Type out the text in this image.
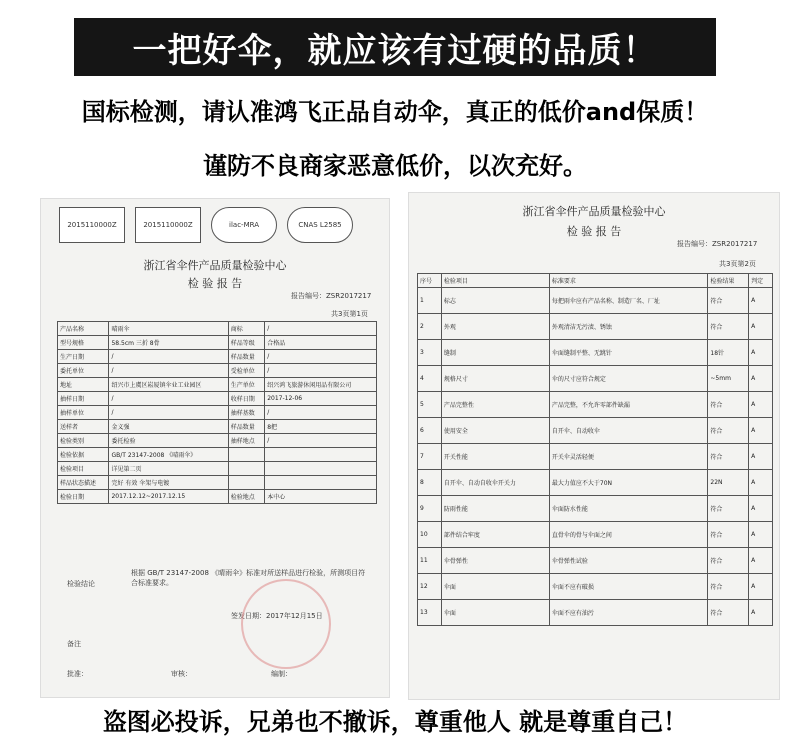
一把好伞，就应该有过硬的品质！
国标检测，请认准鸿飞正品自动伞，真正的低价and保质！
谨防不良商家恶意低价，以次充好。
2015110000Z	2015110000Z	ilac-MRA	CNAS L2585
浙江省伞件产品质量检验中心
检 验 报 告
报告编号：ZSR2017217
共3页第1页
产品名称	晴雨伞	商标	/
型号规格	58.5cm 三折 8骨	样品等级	合格品
生产日期	/	样品数量	/
委托单位	/	受检单位	/
地址	绍兴市上虞区崧厦镇伞业工业园区	生产单位	绍兴鸿飞旅游休闲用品有限公司
抽样日期	/	收样日期	2017-12-06
抽样单位	/	抽样基数	/
送样者	金义强	样品数量	8把
检验类别	委托检验	抽样地点	/
检验依据	GB/T 23147-2008 《晴雨伞》		
检验项目	详见第二页		
样品状态描述	完好 有效 伞架与电镀		
检验日期	2017.12.12~2017.12.15	检验地点	本中心
检验结论
根据 GB/T 23147-2008 《晴雨伞》标准对所送样品进行检验，所测项目符合标准要求。
签发日期：2017年12月15日
备注
批准：	审核：	编制：
浙江省伞件产品质量检验中心
检 验 报 告
报告编号：ZSR2017217
共3页第2页
序号	检验项目	标准要求	检验结果	判定
1	标志	每把雨伞应有产品名称、制造厂名、厂址	符合	A
2	外观	外观清洁无污渍、锈蚀	符合	A
3	缝制	伞面缝制平整、无跳针	18针	A
4	规格尺寸	伞的尺寸应符合规定	~5mm	A
5	产品完整性	产品完整，不允许零部件缺漏	符合	A
6	使用安全	自开伞、自动收伞	符合	A
7	开关性能	开关伞灵活轻便	符合	A
8	自开伞、自动自收伞开关力	最大力值应不大于70N	22N	A
9	防雨性能	伞面防水性能	符合	A
10	部件结合牢度	直骨伞的骨与伞面之间	符合	A
11	伞骨弹性	伞骨弹性试验	符合	A
12	伞面	伞面不应有破损	符合	A
13	伞面	伞面不应有油污	符合	A
盗图必投诉，兄弟也不撤诉，尊重他人 就是尊重自己！
